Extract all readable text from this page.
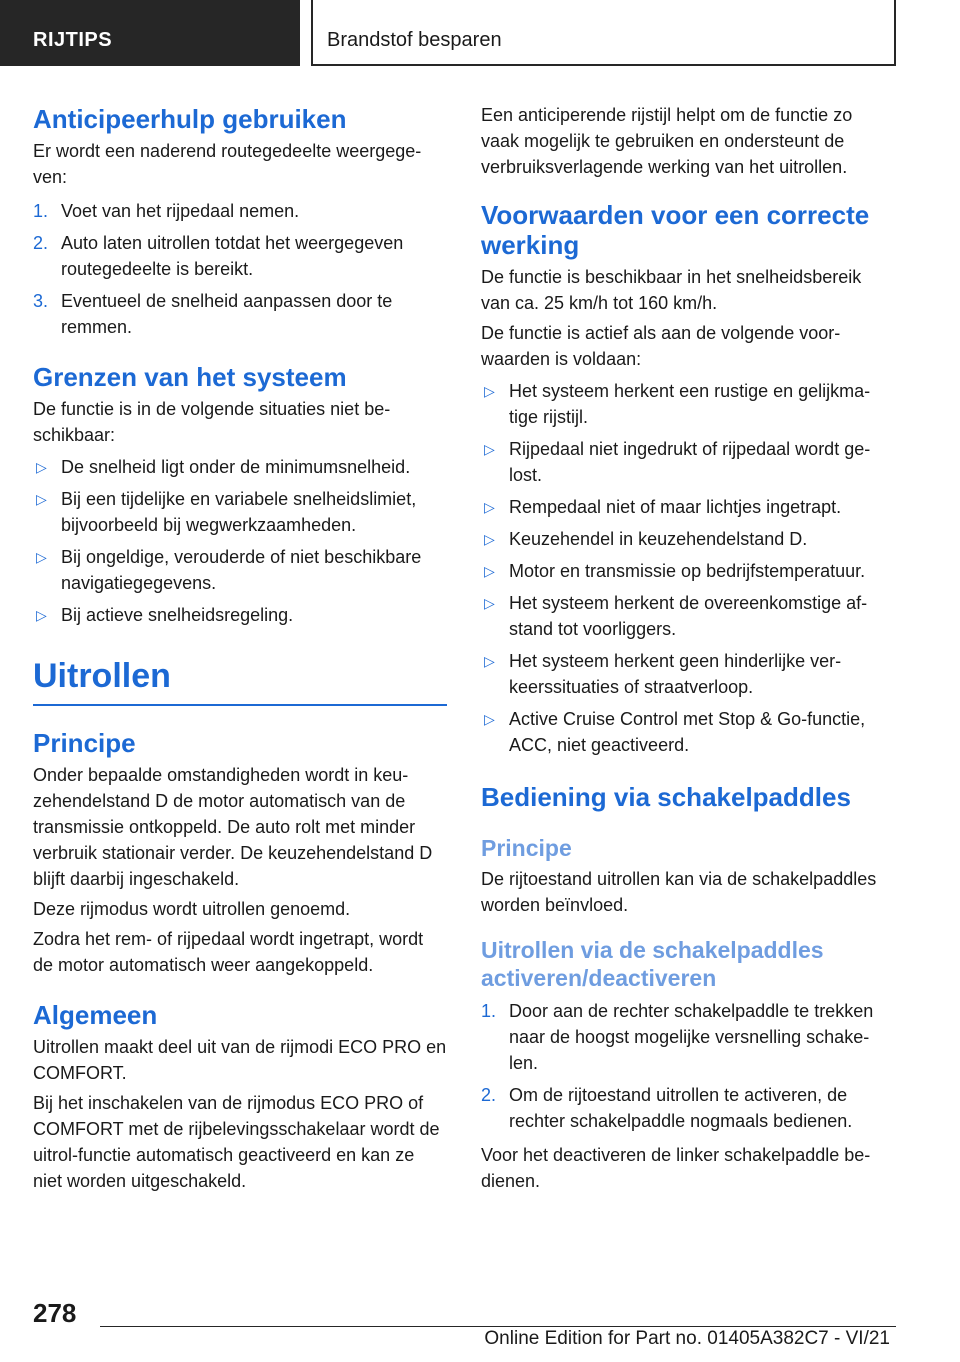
RIJTIPS	Brandstof besparen
Anticipeerhulp gebruiken
Er wordt een naderend routegedeelte weergege-ven:
1. Voet van het rijpedaal nemen.
2. Auto laten uitrollen totdat het weergegeven routegedeelte is bereikt.
3. Eventueel de snelheid aanpassen door te remmen.
Grenzen van het systeem
De functie is in de volgende situaties niet be-schikbaar:
▷ De snelheid ligt onder de minimumsnelheid.
▷ Bij een tijdelijke en variabele snelheidslimiet, bijvoorbeeld bij wegwerkzaamheden.
▷ Bij ongeldige, verouderde of niet beschikbare navigatiegegevens.
▷ Bij actieve snelheidsregeling.
Uitrollen
Principe
Onder bepaalde omstandigheden wordt in keu-zehendelstand D de motor automatisch van de transmissie ontkoppeld. De auto rolt met minder verbruik stationair verder. De keuzehendelstand D blijft daarbij ingeschakeld.
Deze rijmodus wordt uitrollen genoemd.
Zodra het rem- of rijpedaal wordt ingetrapt, wordt de motor automatisch weer aangekoppeld.
Algemeen
Uitrollen maakt deel uit van de rijmodi ECO PRO en COMFORT.
Bij het inschakelen van de rijmodus ECO PRO of COMFORT met de rijbelevingsschakelaar wordt de uitrol-functie automatisch geactiveerd en kan ze niet worden uitgeschakeld.
Een anticiperende rijstijl helpt om de functie zo vaak mogelijk te gebruiken en ondersteunt de verbruiksverlagende werking van het uitrollen.
Voorwaarden voor een correcte werking
De functie is beschikbaar in het snelheidsbereik van ca. 25 km/h tot 160 km/h.
De functie is actief als aan de volgende voor-waarden is voldaan:
▷ Het systeem herkent een rustige en gelijkma-tige rijstijl.
▷ Rijpedaal niet ingedrukt of rijpedaal wordt ge-lost.
▷ Rempedaal niet of maar lichtjes ingetrapt.
▷ Keuzehendel in keuzehendelstand D.
▷ Motor en transmissie op bedrijfstemperatuur.
▷ Het systeem herkent de overeenkomstige af-stand tot voorliggers.
▷ Het systeem herkent geen hinderlijke ver-keerssituaties of straatverloop.
▷ Active Cruise Control met Stop & Go-functie, ACC, niet geactiveerd.
Bediening via schakelpaddles
Principe
De rijtoestand uitrollen kan via de schakelpaddles worden beïnvloed.
Uitrollen via de schakelpaddles activeren/deactiveren
1. Door aan de rechter schakelpaddle te trekken naar de hoogst mogelijke versnelling schake-len.
2. Om de rijtoestand uitrollen te activeren, de rechter schakelpaddle nogmaals bedienen.
Voor het deactiveren de linker schakelpaddle be-dienen.
278
Online Edition for Part no. 01405A382C7 - VI/21
